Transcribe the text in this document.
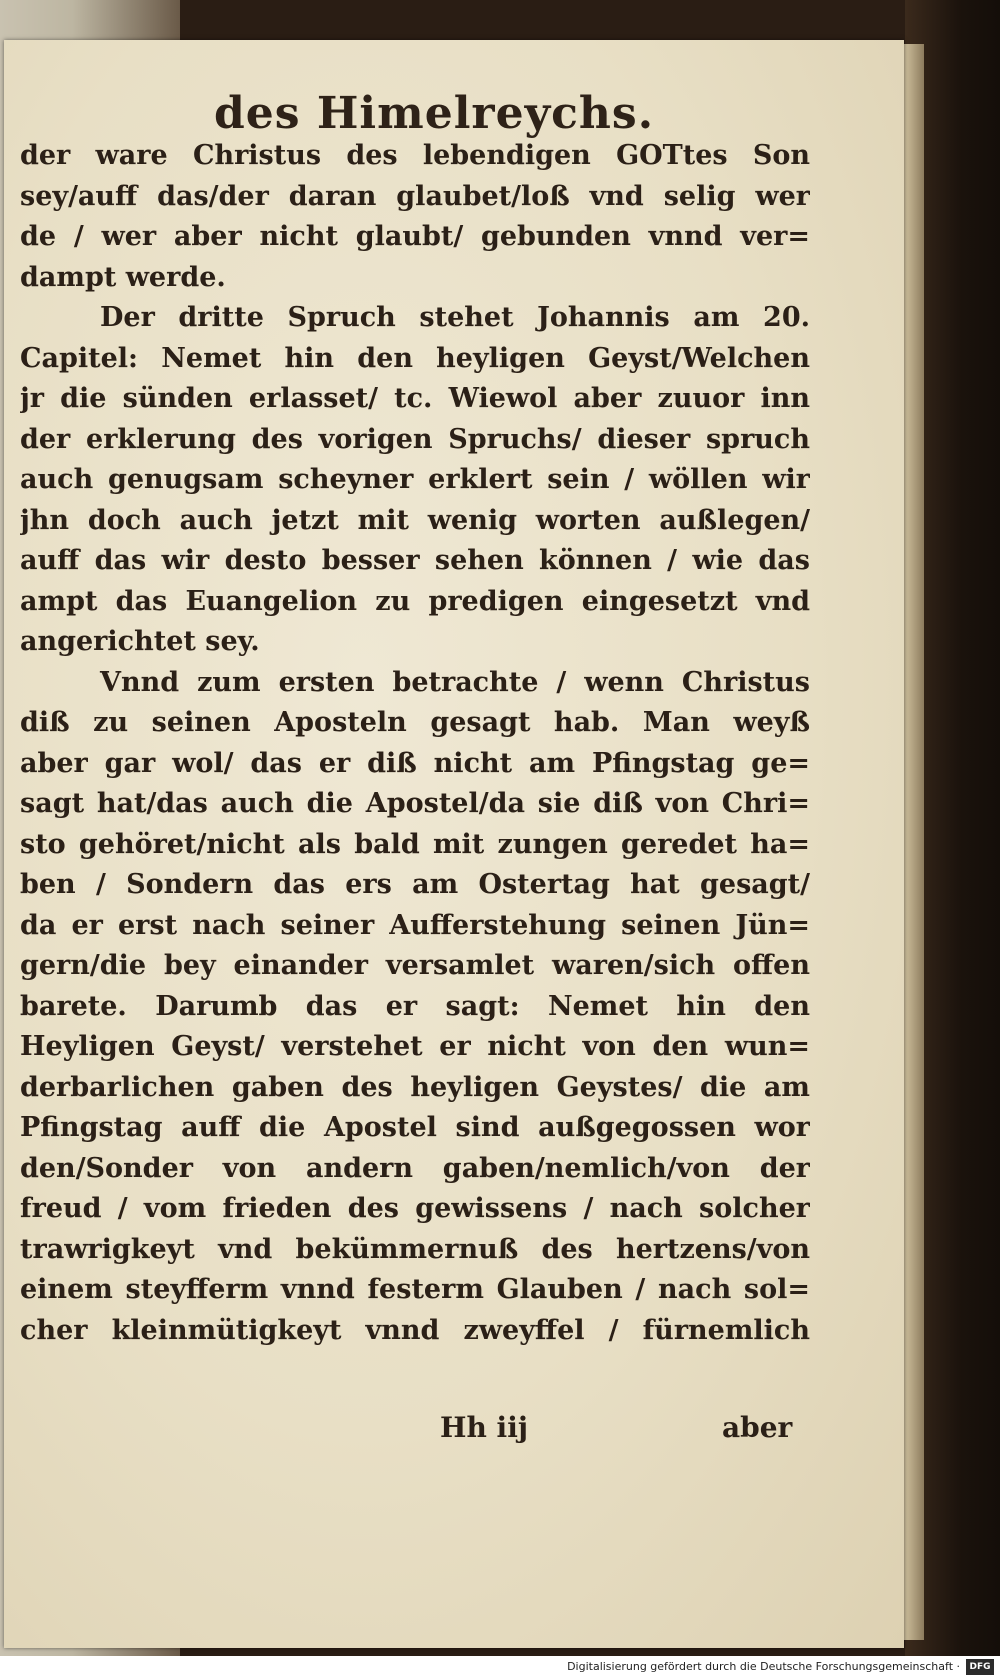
des Himelreychs.
der ware Christus des lebendigen GOTtes Son
sey/auff das/der daran glaubet/loß vnd selig wer
de / wer aber nicht glaubt/ gebunden vnnd ver=
dampt werde.
Der dritte Spruch stehet Johannis am 20.
Capitel: Nemet hin den heyligen Geyst/Welchen
jr die sünden erlasset/ tc. Wiewol aber zuuor inn
der erklerung des vorigen Spruchs/ dieser spruch
auch genugsam scheyner erklert sein / wöllen wir
jhn doch auch jetzt mit wenig worten außlegen/
auff das wir desto besser sehen können / wie das
ampt das Euangelion zu predigen eingesetzt vnd
angerichtet sey.
Vnnd zum ersten betrachte / wenn Christus
diß zu seinen Aposteln gesagt hab. Man weyß
aber gar wol/ das er diß nicht am Pfingstag ge=
sagt hat/das auch die Apostel/da sie diß von Chri=
sto gehöret/nicht als bald mit zungen geredet ha=
ben / Sondern das ers am Ostertag hat gesagt/
da er erst nach seiner Aufferstehung seinen Jün=
gern/die bey einander versamlet waren/sich offen
barete. Darumb das er sagt: Nemet hin den
Heyligen Geyst/ verstehet er nicht von den wun=
derbarlichen gaben des heyligen Geystes/ die am
Pfingstag auff die Apostel sind außgegossen wor
den/Sonder von andern gaben/nemlich/von der
freud / vom frieden des gewissens / nach solcher
trawrigkeyt vnd bekümmernuß des hertzens/von
einem steyfferm vnnd festerm Glauben / nach sol=
cher kleinmütigkeyt vnnd zweyffel / fürnemlich
Hh iij	aber
Digitalisierung gefördert durch die Deutsche Forschungsgemeinschaft ·	DFG
